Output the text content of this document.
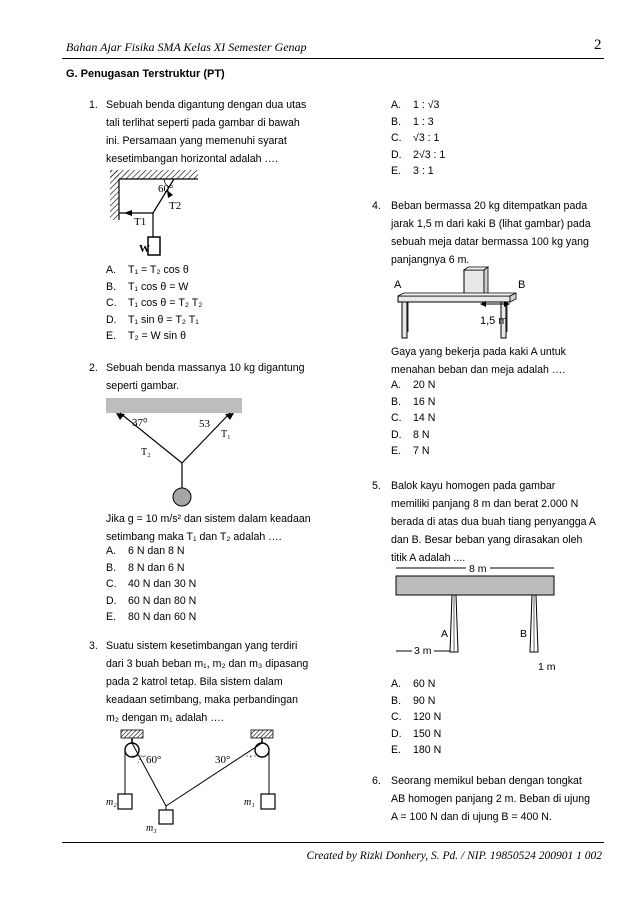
Bahan Ajar Fisika SMA Kelas XI Semester Genap	2
G. Penugasan Terstruktur (PT)
1. Sebuah benda digantung dengan dua utas
tali terlihat seperti pada gambar di bawah
ini. Persamaan yang memenuhi syarat
kesetimbangan horizontal adalah ….
60°
T2
T1
W
A. T₁ = T₂ cos θ
B. T₁ cos θ = W
C. T₁ cos θ = T₂ T₂
D. T₁ sin θ = T₂ T₁
E. T₂ = W sin θ
2. Sebuah benda massanya 10 kg digantung
seperti gambar.
37⁰	53
T₁
T₂
Jika g = 10 m/s² dan sistem dalam keadaan
setimbang maka T₁ dan T₂ adalah ….
A. 6 N dan 8 N
B. 8 N dan 6 N
C. 40 N dan 30 N
D. 60 N dan 80 N
E. 80 N dan 60 N
3. Suatu sistem kesetimbangan yang terdiri
dari 3 buah beban m₁, m₂ dan m₃ dipasang
pada 2 katrol tetap. Bila sistem dalam
keadaan setimbang, maka perbandingan
m₂ dengan m₁ adalah ….
60°	30°
m₂	m₁
m₃
A. 1 : √3
B. 1 : 3
C. √3 : 1
D. 2√3 : 1
E. 3 : 1
4. Beban bermassa 20 kg ditempatkan pada
jarak 1,5 m dari kaki B (lihat gambar) pada
sebuah meja datar bermassa 100 kg yang
panjangnya 6 m.
A	B
1,5 m
Gaya yang bekerja pada kaki A untuk
menahan beban dan meja adalah ….
A. 20 N
B. 16 N
C. 14 N
D. 8 N
E. 7 N
5. Balok kayu homogen pada gambar
memiliki panjang 8 m dan berat 2.000 N
berada di atas dua buah tiang penyangga A
dan B. Besar beban yang dirasakan oleh
titik A adalah ....
8 m
A	B
3 m
1 m
A. 60 N
B. 90 N
C. 120 N
D. 150 N
E. 180 N
6. Seorang memikul beban dengan tongkat
AB homogen panjang 2 m. Beban di ujung
A = 100 N dan di ujung B = 400 N.
Created by Rizki Donhery, S. Pd. / NIP. 19850524 200901 1 002
